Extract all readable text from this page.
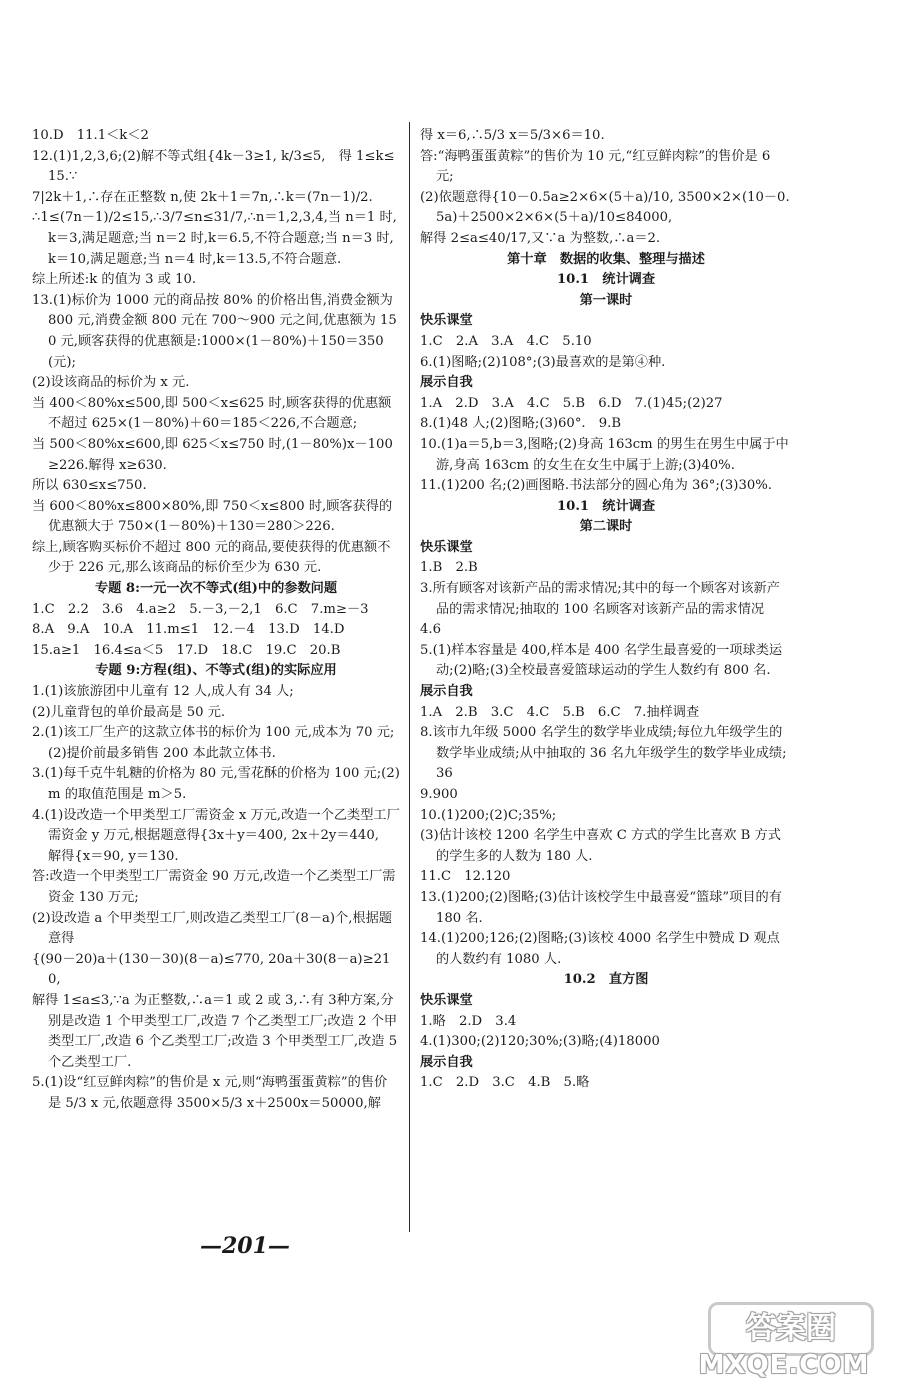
10.D　11.1＜k＜2

12.(1)1,2,3,6;(2)解不等式组{4k－3≥1, k/3≤5,　得 1≤k≤15.∵

7|2k＋1,∴存在正整数 n,使 2k＋1＝7n,∴k＝(7n－1)/2.

∴1≤(7n－1)/2≤15,∴3/7≤n≤31/7,∴n＝1,2,3,4,当 n＝1 时,k＝3,满足题意;当 n＝2 时,k＝6.5,不符合题意;当 n＝3 时,k＝10,满足题意;当 n＝4 时,k＝13.5,不符合题意.

综上所述:k 的值为 3 或 10.

13.(1)标价为 1000 元的商品按 80% 的价格出售,消费金额为 800 元,消费金额 800 元在 700～900 元之间,优惠额为 150 元,顾客获得的优惠额是:1000×(1－80%)＋150＝350(元);

(2)设该商品的标价为 x 元.

当 400＜80%x≤500,即 500＜x≤625 时,顾客获得的优惠额不超过 625×(1－80%)＋60＝185＜226,不合题意;

当 500＜80%x≤600,即 625＜x≤750 时,(1－80%)x－100≥226.解得 x≥630.

所以 630≤x≤750.

当 600＜80%x≤800×80%,即 750＜x≤800 时,顾客获得的优惠额大于 750×(1－80%)＋130＝280＞226.

综上,顾客购买标价不超过 800 元的商品,要使获得的优惠额不少于 226 元,那么该商品的标价至少为 630 元.

专题 8:一元一次不等式(组)中的参数问题

1.C　2.2　3.6　4.a≥2　5.－3,－2,1　6.C　7.m≥－3

8.A　9.A　10.A　11.m≤1　12.－4　13.D　14.D

15.a≥1　16.4≤a＜5　17.D　18.C　19.C　20.B

专题 9:方程(组)、不等式(组)的实际应用

1.(1)该旅游团中儿童有 12 人,成人有 34 人;

(2)儿童背包的单价最高是 50 元.

2.(1)该工厂生产的这款立体书的标价为 100 元,成本为 70 元;(2)提价前最多销售 200 本此款立体书.

3.(1)每千克牛轧糖的价格为 80 元,雪花酥的价格为 100 元;(2)m 的取值范围是 m＞5.

4.(1)设改造一个甲类型工厂需资金 x 万元,改造一个乙类型工厂需资金 y 万元,根据题意得{3x＋y＝400, 2x＋2y＝440,　解得{x＝90, y＝130.

答:改造一个甲类型工厂需资金 90 万元,改造一个乙类型工厂需资金 130 万元;

(2)设改造 a 个甲类型工厂,则改造乙类型工厂(8－a)个,根据题意得

{(90－20)a＋(130－30)(8－a)≤770, 20a＋30(8－a)≥210,

解得 1≤a≤3,∵a 为正整数,∴a＝1 或 2 或 3,∴有 3种方案,分别是改造 1 个甲类型工厂,改造 7 个乙类型工厂;改造 2 个甲类型工厂,改造 6 个乙类型工厂;改造 3 个甲类型工厂,改造 5 个乙类型工厂.

5.(1)设“红豆鲜肉粽”的售价是 x 元,则“海鸭蛋蛋黄粽”的售价是 5/3 x 元,依题意得 3500×5/3 x＋2500x＝50000,解

得 x＝6,∴5/3 x＝5/3×6＝10.

答:“海鸭蛋蛋黄粽”的售价为 10 元,“红豆鲜肉粽”的售价是 6 元;

(2)依题意得{10－0.5a≥2×6×(5＋a)/10, 3500×2×(10－0.5a)＋2500×2×6×(5＋a)/10≤84000,

解得 2≤a≤40/17,又∵a 为整数,∴a＝2.

第十章　数据的收集、整理与描述

10.1　统计调查

第一课时

快乐课堂

1.C　2.A　3.A　4.C　5.10

6.(1)图略;(2)108°;(3)最喜欢的是第④种.

展示自我

1.A　2.D　3.A　4.C　5.B　6.D　7.(1)45;(2)27

8.(1)48 人;(2)图略;(3)60°.　9.B

10.(1)a＝5,b＝3,图略;(2)身高 163cm 的男生在男生中属于中游,身高 163cm 的女生在女生中属于上游;(3)40%.

11.(1)200 名;(2)画图略.书法部分的圆心角为 36°;(3)30%.

10.1　统计调查

第二课时

快乐课堂

1.B　2.B

3.所有顾客对该新产品的需求情况;其中的每一个顾客对该新产品的需求情况;抽取的 100 名顾客对该新产品的需求情况

4.6

5.(1)样本容量是 400,样本是 400 名学生最喜爱的一项球类运动;(2)略;(3)全校最喜爱篮球运动的学生人数约有 800 名.

展示自我

1.A　2.B　3.C　4.C　5.B　6.C　7.抽样调查

8.该市九年级 5000 名学生的数学毕业成绩;每位九年级学生的数学毕业成绩;从中抽取的 36 名九年级学生的数学毕业成绩;36

9.900

10.(1)200;(2)C;35%;

(3)估计该校 1200 名学生中喜欢 C 方式的学生比喜欢 B 方式的学生多的人数为 180 人.

11.C　12.120

13.(1)200;(2)图略;(3)估计该校学生中最喜爱“篮球”项目的有 180 名.

14.(1)200;126;(2)图略;(3)该校 4000 名学生中赞成 D 观点的人数约有 1080 人.

10.2　直方图

快乐课堂

1.略　2.D　3.4

4.(1)300;(2)120;30%;(3)略;(4)18000

展示自我

1.C　2.D　3.C　4.B　5.略

—201—
答案圈
MXQE.COM
